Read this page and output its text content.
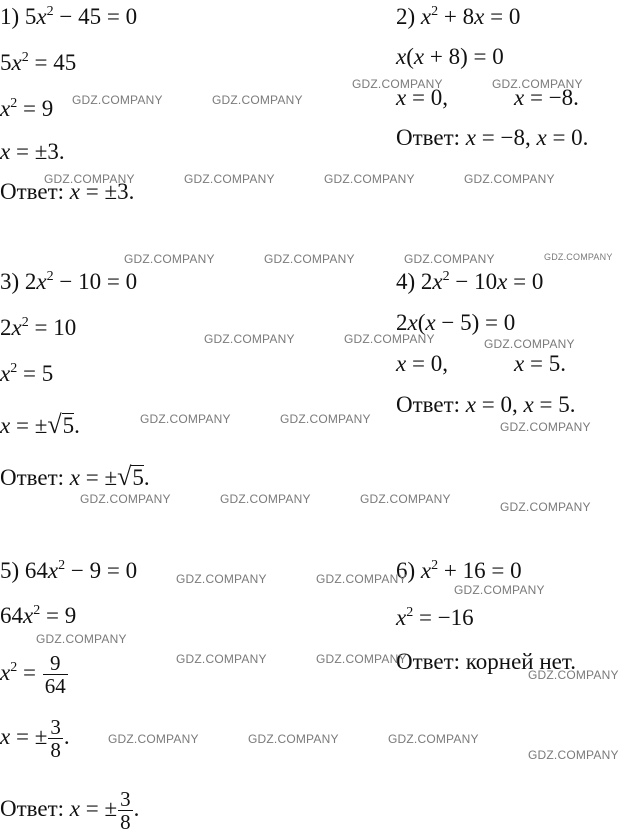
1) $5x^2 - 45 = 0$
$5x^2 = 45$
$x^2 = 9$
x = ±3.
Ответ: x = ±3.
2) $x^2 + 8x = 0$
x(x + 8) = 0
x = 0,	x = −8.
Ответ: x = −8, x = 0.
3) $2x^2 - 10 = 0$
$2x^2 = 10$
$x^2 = 5$
x = ± √ 5 .
Ответ: x = ± √ 5 .
4) $2x^2 - 10x = 0$
2x(x − 5) = 0
x = 0,	x = 5.
Ответ: x = 0, x = 5.
5) $64x^2 - 9 = 0$
$64x^2 = 9$
$x^2 = \frac{9}{64}$
x = ± $\frac{3}{8}$ .
Ответ: x = ± $\frac{3}{8}$ .
6) $x^2 + 16 = 0$
$x^2 = -16$
Ответ: корней нет.
GDZ.COMPANY	GDZ.COMPANY
GDZ.COMPANY	GDZ.COMPANY
GDZ.COMPANY	GDZ.COMPANY	GDZ.COMPANY	GDZ.COMPANY
GDZ.COMPANY	GDZ.COMPANY	GDZ.COMPANY	GDZ.COMPANY
GDZ.COMPANY	GDZ.COMPANY	GDZ.COMPANY
GDZ.COMPANY	GDZ.COMPANY
GDZ.COMPANY
GDZ.COMPANY	GDZ.COMPANY	GDZ.COMPANY
GDZ.COMPANY
GDZ.COMPANY	GDZ.COMPANY
GDZ.COMPANY
GDZ.COMPANY
GDZ.COMPANY	GDZ.COMPANY
GDZ.COMPANY
GDZ.COMPANY	GDZ.COMPANY	GDZ.COMPANY
GDZ.COMPANY
